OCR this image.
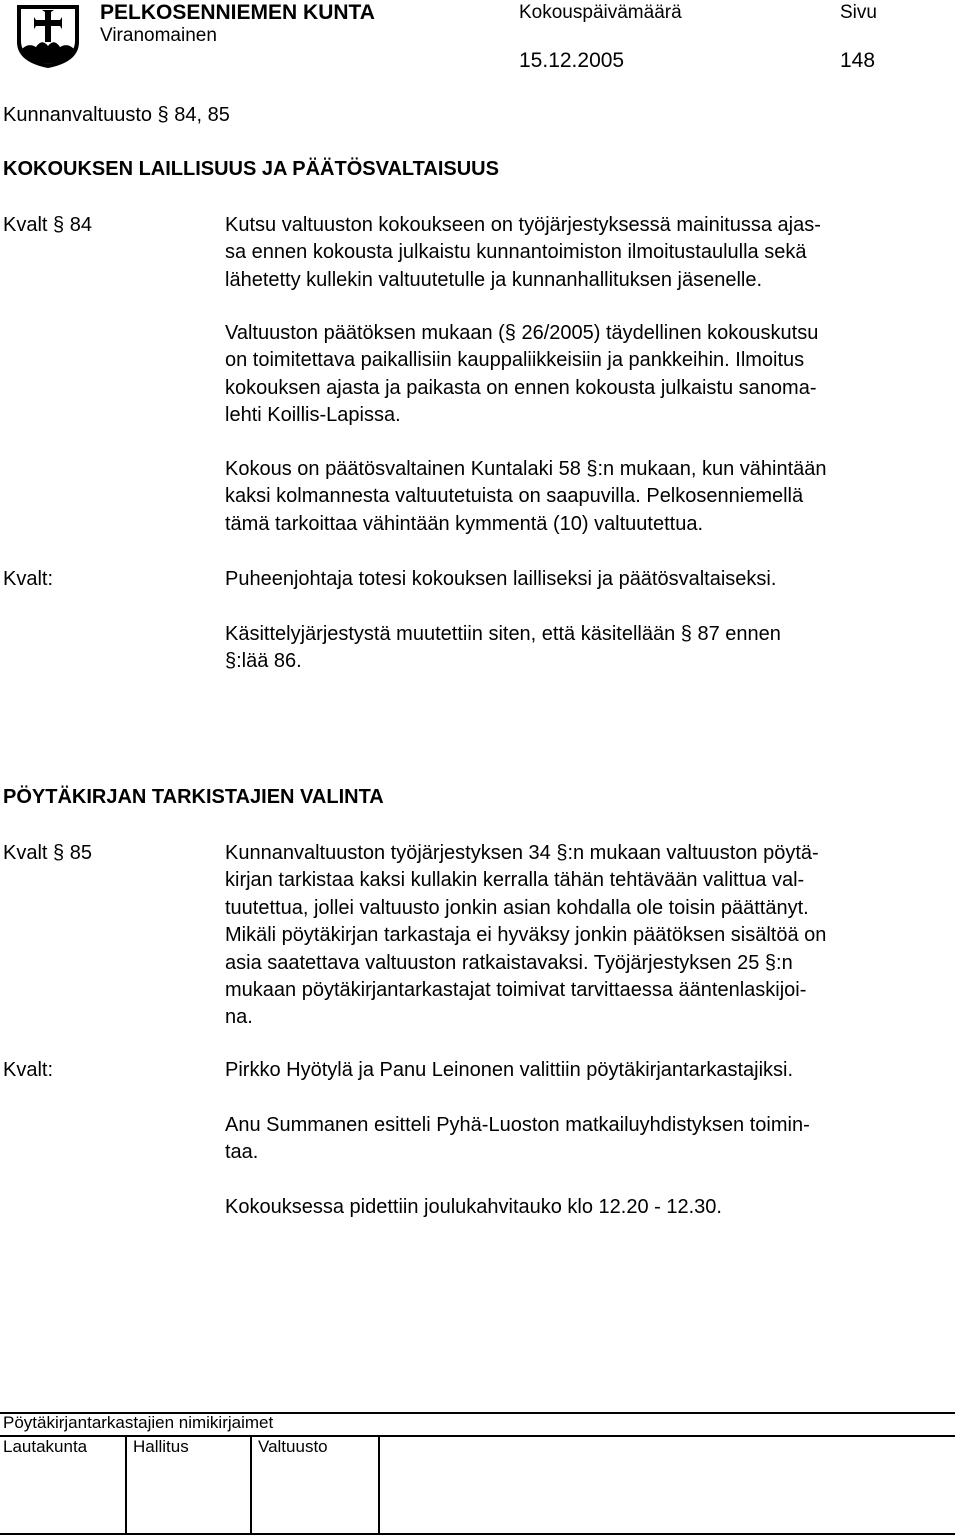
PELKOSENNIEMEN KUNTA
Viranomainen
Kokouspäivämäärä	Sivu
15.12.2005	148
Kunnanvaltuusto § 84, 85
KOKOUKSEN LAILLISUUS JA PÄÄTÖSVALTAISUUS
Kvalt § 84	Kutsu valtuuston kokoukseen on työjärjestyksessä mainitussa ajas-
sa ennen kokousta julkaistu kunnantoimiston ilmoitustaululla sekä
lähetetty kullekin valtuutetulle ja kunnanhallituksen jäsenelle.
Valtuuston päätöksen mukaan (§ 26/2005) täydellinen kokouskutsu
on toimitettava paikallisiin kauppaliikkeisiin ja pankkeihin. Ilmoitus
kokouksen ajasta ja paikasta on ennen kokousta julkaistu sanoma-
lehti Koillis-Lapissa.
Kokous on päätösvaltainen Kuntalaki 58 §:n mukaan, kun vähintään
kaksi kolmannesta valtuutetuista on saapuvilla. Pelkosenniemellä
tämä tarkoittaa vähintään kymmentä (10) valtuutettua.
Kvalt:	Puheenjohtaja totesi kokouksen lailliseksi ja päätösvaltaiseksi.
Käsittelyjärjestystä muutettiin siten, että käsitellään § 87 ennen
§:lää 86.
PÖYTÄKIRJAN TARKISTAJIEN VALINTA
Kvalt § 85	Kunnanvaltuuston työjärjestyksen 34 §:n mukaan valtuuston pöytä-
kirjan tarkistaa kaksi kullakin kerralla tähän tehtävään valittua val-
tuutettua, jollei valtuusto jonkin asian kohdalla ole toisin päättänyt.
Mikäli pöytäkirjan tarkastaja ei hyväksy jonkin päätöksen sisältöä on
asia saatettava valtuuston ratkaistavaksi. Työjärjestyksen 25 §:n
mukaan pöytäkirjantarkastajat toimivat tarvittaessa ääntenlaskijoi-
na.
Kvalt:	Pirkko Hyötylä ja Panu Leinonen valittiin pöytäkirjantarkastajiksi.
Anu Summanen esitteli Pyhä-Luoston matkailuyhdistyksen toimin-
taa.
Kokouksessa pidettiin joulukahvitauko klo 12.20 - 12.30.
Pöytäkirjantarkastajien nimikirjaimet
Lautakunta	Hallitus	Valtuusto
